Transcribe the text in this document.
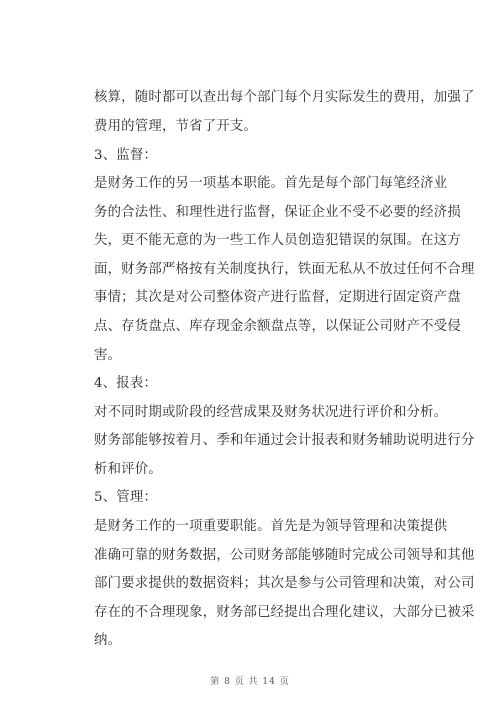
核算，随时都可以查出每个部门每个月实际发生的费用，加强了
费用的管理，节省了开支。
3、监督：
是财务工作的另一项基本职能。首先是每个部门每笔经济业
务的合法性、和理性进行监督，保证企业不受不必要的经济损
失，更不能无意的为一些工作人员创造犯错误的氛围。在这方
面，财务部严格按有关制度执行，铁面无私从不放过任何不合理
事情；其次是对公司整体资产进行监督，定期进行固定资产盘
点、存货盘点、库存现金余额盘点等，以保证公司财产不受侵
害。
4、报表：
对不同时期或阶段的经营成果及财务状况进行评价和分析。
财务部能够按着月、季和年通过会计报表和财务辅助说明进行分
析和评价。
5、管理：
是财务工作的一项重要职能。首先是为领导管理和决策提供
准确可靠的财务数据，公司财务部能够随时完成公司领导和其他
部门要求提供的数据资料；其次是参与公司管理和决策，对公司
存在的不合理现象，财务部已经提出合理化建议，大部分已被采
纳。
第 8 页 共 14 页
